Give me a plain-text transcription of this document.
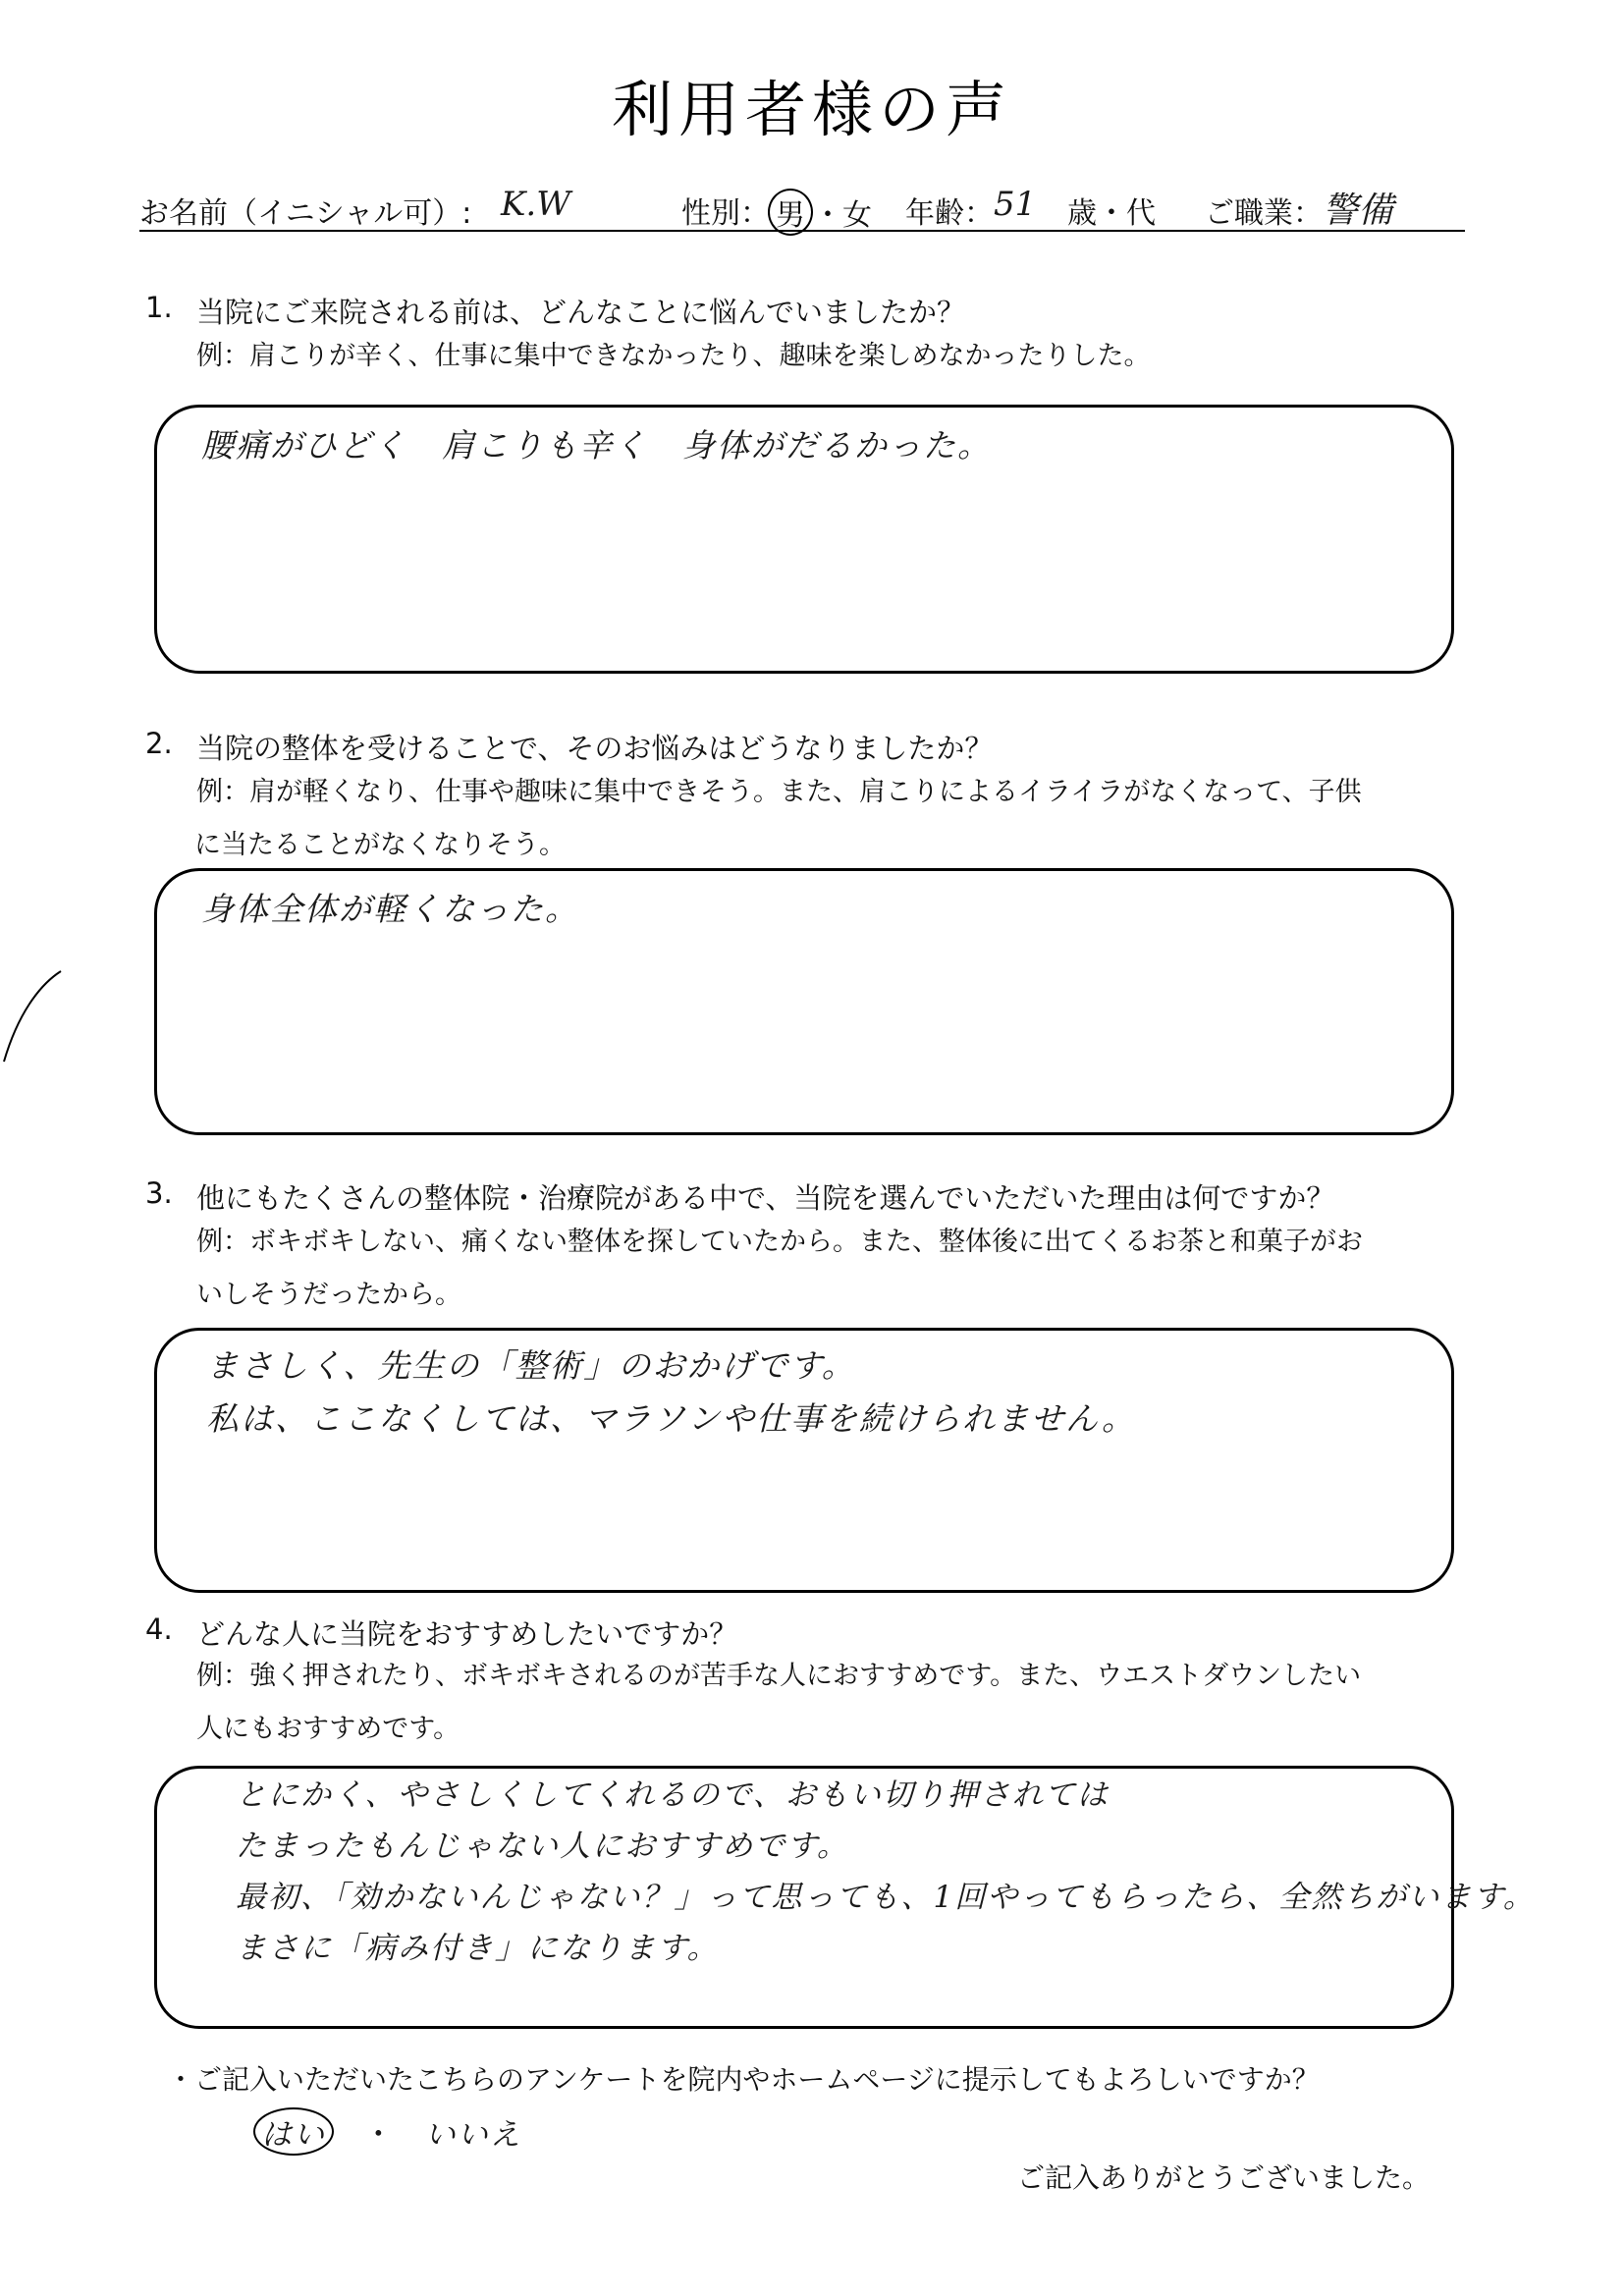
利用者様の声
お名前（イニシャル可）: K.W	性別： 男 ・女 年齢： 51 歳・代 ご職業： 警備
1. 当院にご来院される前は、どんなことに悩んでいましたか？
例：肩こりが辛く、仕事に集中できなかったり、趣味を楽しめなかったりした。
腰痛がひどく　肩こりも辛く　身体がだるかった。
2. 当院の整体を受けることで、そのお悩みはどうなりましたか？
例：肩が軽くなり、仕事や趣味に集中できそう。また、肩こりによるイライラがなくなって、子供
に当たることがなくなりそう。
身体全体が軽くなった。
3. 他にもたくさんの整体院・治療院がある中で、当院を選んでいただいた理由は何ですか？
例：ボキボキしない、痛くない整体を探していたから。また、整体後に出てくるお茶と和菓子がお
いしそうだったから。
まさしく、先生の「整術」のおかげです。
私は、ここなくしては、マラソンや仕事を続けられません。
4. どんな人に当院をおすすめしたいですか？
例：強く押されたり、ボキボキされるのが苦手な人におすすめです。また、ウエストダウンしたい
人にもおすすめです。
とにかく、やさしくしてくれるので、おもい切り押されては
たまったもんじゃない人におすすめです。
最初、「効かないんじゃない？」って思っても、1回やってもらったら、全然ちがいます。
まさに「病み付き」になります。
・ご記入いただいたこちらのアンケートを院内やホームページに提示してもよろしいですか？
はい ・ いいえ
ご記入ありがとうございました。
